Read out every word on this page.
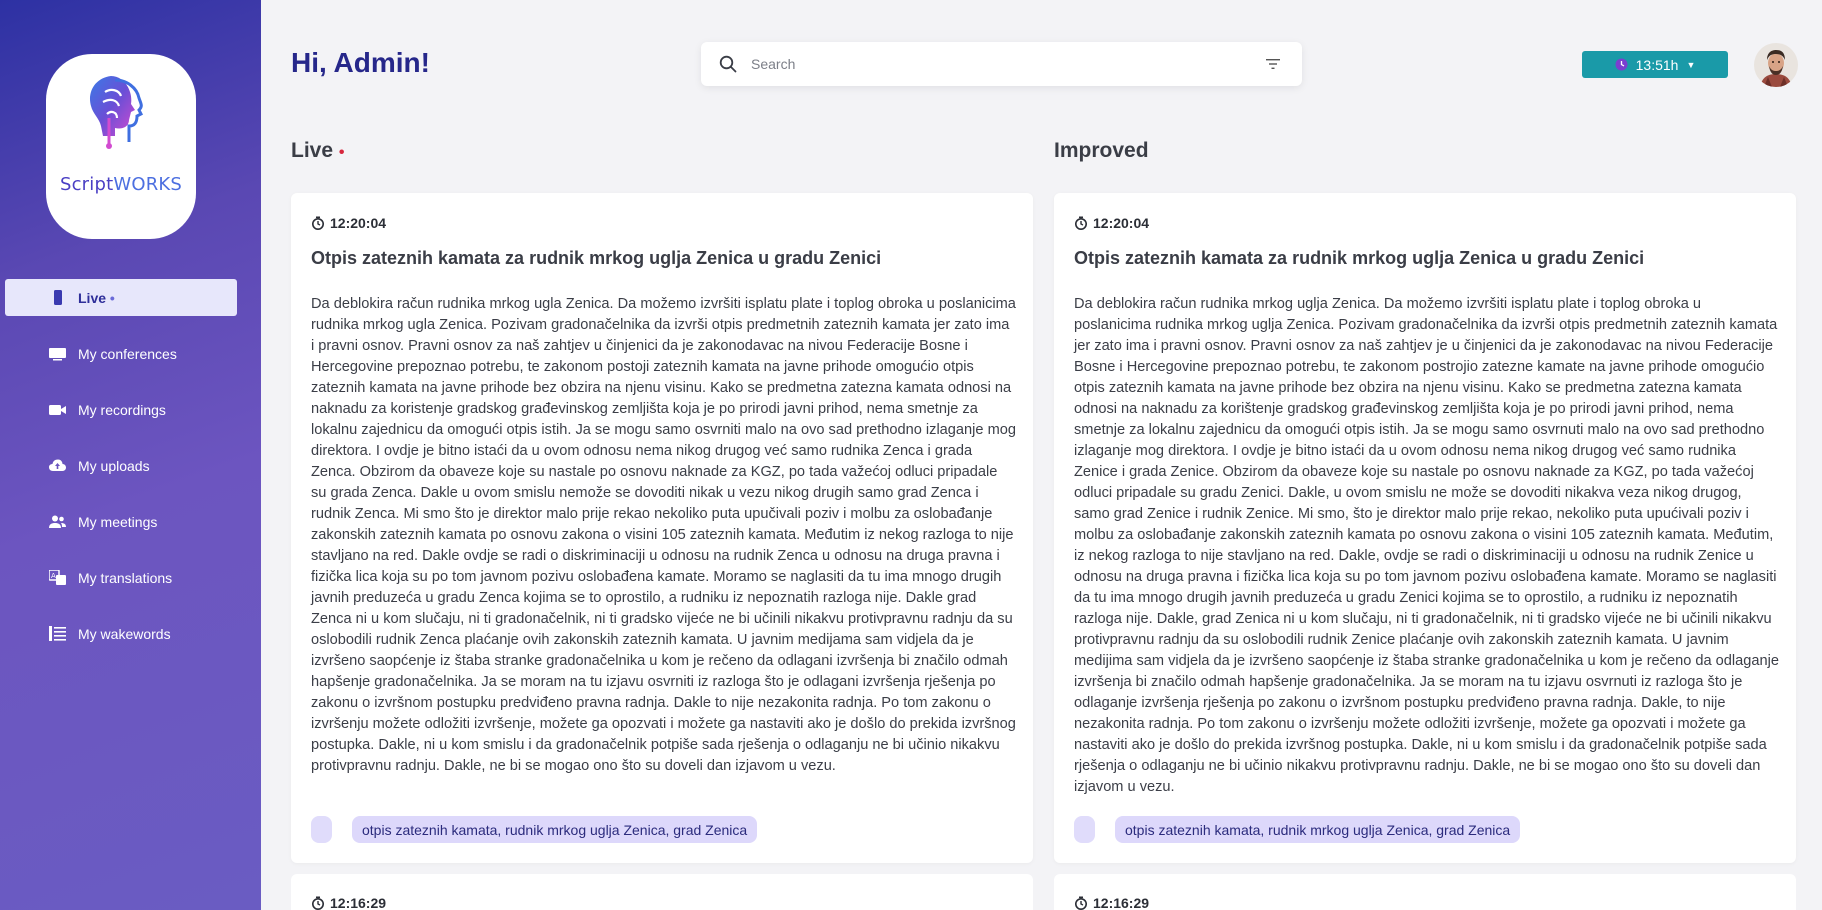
ScriptWORKS
Live •
My conferences
My recordings
My uploads
My meetings
A My translations
My wakewords
Hi, Admin!
Search	13:51h ▼
Live •
12:20:04
Otpis zateznih kamata za rudnik mrkog uglja Zenica u gradu Zenici

Da deblokira račun rudnika mrkog ugla Zenica. Da možemo izvršiti isplatu plate i toplog obroka u poslanicima rudnika mrkog ugla Zenica. Pozivam gradonačelnika da izvrši otpis predmetnih zateznih kamata jer zato ima i pravni osnov. Pravni osnov za naš zahtjev u činjenici da je zakonodavac na nivou Federacije Bosne i Hercegovine prepoznao potrebu, te zakonom postoji zateznih kamata na javne prihode omogućio otpis zateznih kamata na javne prihode bez obzira na njenu visinu. Kako se predmetna zatezna kamata odnosi na naknadu za koristenje gradskog građevinskog zemljišta koja je po prirodi javni prihod, nema smetnje za lokalnu zajednicu da omogući otpis istih. Ja se mogu samo osvrniti malo na ovo sad prethodno izlaganje mog direktora. I ovdje je bitno istaći da u ovom odnosu nema nikog drugog već samo rudnika Zenca i grada Zenca. Obzirom da obaveze koje su nastale po osnovu naknade za KGZ, po tada važećoj odluci pripadale su grada Zenca. Dakle u ovom smislu nemože se dovoditi nikak u vezu nikog drugih samo grad Zenca i rudnik Zenca. Mi smo što je direktor malo prije rekao nekoliko puta upučivali poziv i molbu za oslobađanje zakonskih zateznih kamata po osnovu zakona o visini 105 zateznih kamata. Međutim iz nekog razloga to nije stavljano na red. Dakle ovdje se radi o diskriminaciji u odnosu na rudnik Zenca u odnosu na druga pravna i fizička lica koja su po tom javnom pozivu oslobađena kamate. Moramo se naglasiti da tu ima mnogo drugih javnih preduzeća u gradu Zenca kojima se to oprostilo, a rudniku iz nepoznatih razloga nije. Dakle grad Zenca ni u kom slučaju, ni ti gradonačelnik, ni ti gradsko vijeće ne bi učinili nikakvu protivpravnu radnju da su oslobodili rudnik Zenca plaćanje ovih zakonskih zateznih kamata. U javnim medijama sam vidjela da je izvršeno saopćenje iz štaba stranke gradonačelnika u kom je rečeno da odlagani izvršenja bi značilo odmah hapšenje gradonačelnika. Ja se moram na tu izjavu osvrniti iz razloga što je odlagani izvršenja rješenja po zakonu o izvršnom postupku predviđeno pravna radnja. Dakle to nije nezakonita radnja. Po tom zakonu o izvršenju možete odložiti izvršenje, možete ga opozvati i možete ga nastaviti ako je došlo do prekida izvršnog postupka. Dakle, ni u kom smislu i da gradonačelnik potpiše sada rješenja o odlaganju ne bi učinio nikakvu protivpravnu radnju. Dakle, ne bi se mogao ono što su doveli dan izjavom u vezu.

otpis zateznih kamata, rudnik mrkog uglja Zenica, grad Zenica
12:16:29
Improved
12:20:04
Otpis zateznih kamata za rudnik mrkog uglja Zenica u gradu Zenici

Da deblokira račun rudnika mrkog uglja Zenica. Da možemo izvršiti isplatu plate i toplog obroka u poslanicima rudnika mrkog uglja Zenica. Pozivam gradonačelnika da izvrši otpis predmetnih zateznih kamata jer zato ima i pravni osnov. Pravni osnov za naš zahtjev je u činjenici da je zakonodavac na nivou Federacije Bosne i Hercegovine prepoznao potrebu, te zakonom postrojio zatezne kamate na javne prihode omogućio otpis zateznih kamata na javne prihode bez obzira na njenu visinu. Kako se predmetna zatezna kamata odnosi na naknadu za korištenje gradskog građevinskog zemljišta koja je po prirodi javni prihod, nema smetnje za lokalnu zajednicu da omogući otpis istih. Ja se mogu samo osvrnuti malo na ovo sad prethodno izlaganje mog direktora. I ovdje je bitno istaći da u ovom odnosu nema nikog drugog već samo rudnika Zenice i grada Zenice. Obzirom da obaveze koje su nastale po osnovu naknade za KGZ, po tada važećoj odluci pripadale su gradu Zenici. Dakle, u ovom smislu ne može se dovoditi nikakva veza nikog drugog, samo grad Zenice i rudnik Zenice. Mi smo, što je direktor malo prije rekao, nekoliko puta upućivali poziv i molbu za oslobađanje zakonskih zateznih kamata po osnovu zakona o visini 105 zateznih kamata. Međutim, iz nekog razloga to nije stavljano na red. Dakle, ovdje se radi o diskriminaciji u odnosu na rudnik Zenice u odnosu na druga pravna i fizička lica koja su po tom javnom pozivu oslobađena kamate. Moramo se naglasiti da tu ima mnogo drugih javnih preduzeća u gradu Zenici kojima se to oprostilo, a rudniku iz nepoznatih razloga nije. Dakle, grad Zenica ni u kom slučaju, ni ti gradonačelnik, ni ti gradsko vijeće ne bi učinili nikakvu protivpravnu radnju da su oslobodili rudnik Zenice plaćanje ovih zakonskih zateznih kamata. U javnim medijima sam vidjela da je izvršeno saopćenje iz štaba stranke gradonačelnika u kom je rečeno da odlaganje izvršenja bi značilo odmah hapšenje gradonačelnika. Ja se moram na tu izjavu osvrnuti iz razloga što je odlaganje izvršenja rješenja po zakonu o izvršnom postupku predviđeno pravna radnja. Dakle, to nije nezakonita radnja. Po tom zakonu o izvršenju možete odložiti izvršenje, možete ga opozvati i možete ga nastaviti ako je došlo do prekida izvršnog postupka. Dakle, ni u kom smislu i da gradonačelnik potpiše sada rješenja o odlaganju ne bi učinio nikakvu protivpravnu radnju. Dakle, ne bi se mogao ono što su doveli dan izjavom u vezu.

otpis zateznih kamata, rudnik mrkog uglja Zenica, grad Zenica
12:16:29
